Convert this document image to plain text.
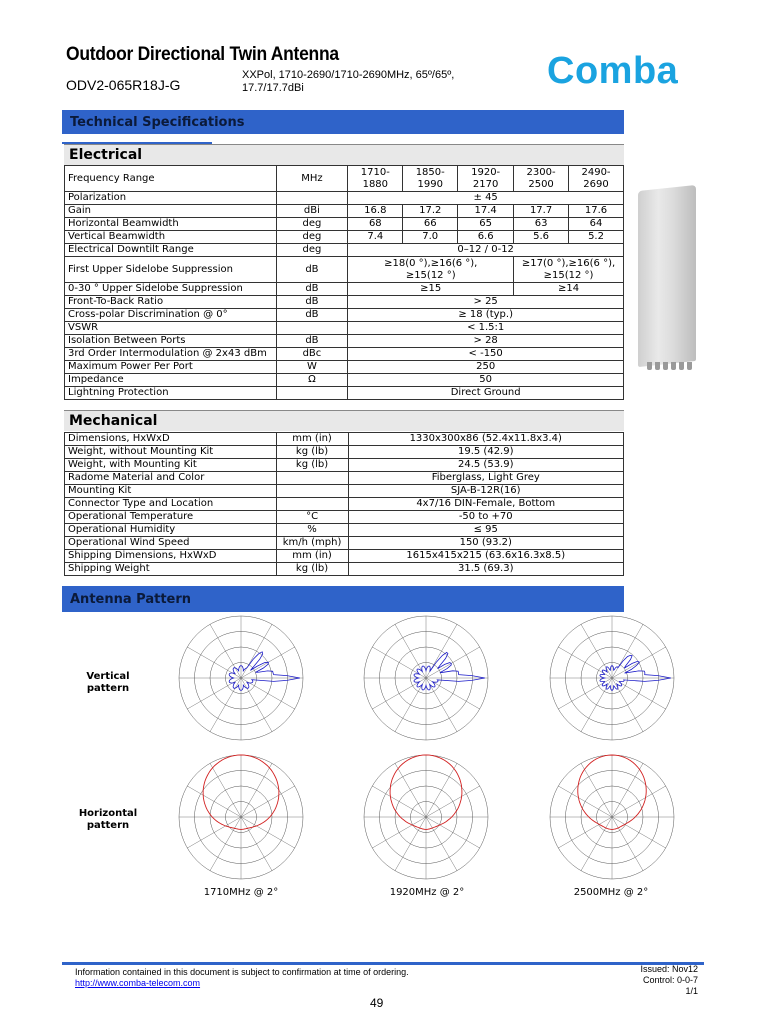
Outdoor Directional Twin Antenna
ODV2-065R18J-G
XXPol, 1710-2690/1710-2690MHz, 65º/65º,
17.7/17.7dBi	Comba
Technical Specifications
Electrical
Frequency Range	MHz	1710-
1880	1850-
1990	1920-
2170	2300-
2500	2490-
2690
Polarization		± 45				
Gain	dBi	16.8	17.2	17.4	17.7	17.6
Horizontal Beamwidth	deg	68	66	65	63	64
Vertical Beamwidth	deg	7.4	7.0	6.6	5.6	5.2
Electrical Downtilt Range	deg	0–12 / 0-12				
First Upper Sidelobe Suppression	dB	≥18(0 °),≥16(6 °),
≥15(12 °)			≥17(0 °),≥16(6 °),
≥15(12 °)	
0-30 ° Upper Sidelobe Suppression	dB	≥15			≥14	
Front-To-Back Ratio	dB	> 25				
Cross-polar Discrimination @ 0°	dB	≥ 18 (typ.)				
VSWR		< 1.5:1				
Isolation Between Ports	dB	> 28				
3rd Order Intermodulation @ 2x43 dBm	dBc	< -150				
Maximum Power Per Port	W	250				
Impedance	Ω	50				
Lightning Protection		Direct Ground				
Mechanical
Dimensions, HxWxD	mm (in)	1330x300x86 (52.4x11.8x3.4)
Weight, without Mounting Kit	kg (lb)	19.5 (42.9)
Weight, with Mounting Kit	kg (lb)	24.5 (53.9)
Radome Material and Color		Fiberglass, Light Grey
Mounting Kit		SJA-B-12R(16)
Connector Type and Location		4x7/16 DIN-Female, Bottom
Operational Temperature	°C	-50 to +70
Operational Humidity	%	≤ 95
Operational Wind Speed	km/h (mph)	150 (93.2)
Shipping Dimensions, HxWxD	mm (in)	1615x415x215 (63.6x16.3x8.5)
Shipping Weight	kg (lb)	31.5 (69.3)
Antenna Pattern
Vertical
pattern
Horizontal
pattern
1710MHz @ 2°	1920MHz @ 2°	2500MHz @ 2°
Information contained in this document is subject to confirmation at time of ordering.
http://www.comba-telecom.com
Issued: Nov12
Control: 0-0-7
1/1
49
